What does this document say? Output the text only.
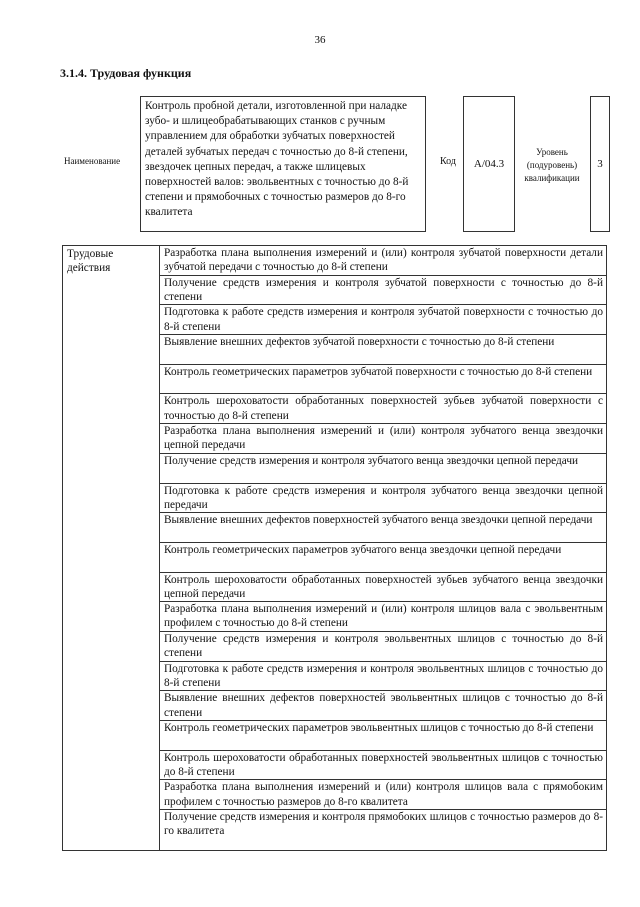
36
3.1.4. Трудовая функция
Наименование
Контроль пробной детали, изготовленной при наладке зубо- и шлицеобрабатывающих станков с ручным управлением для обработки зубчатых поверхностей деталей зубчатых передач с точностью до 8-й степени, звездочек цепных передач, а также шлицевых поверхностей валов: эвольвентных с точностью до 8-й степени и прямобочных с точностью размеров до 8-го квалитета
Код	A/04.3
Уровень (подуровень) квалификации
3
Трудовые действия
Разработка плана выполнения измерений и (или) контроля зубчатой поверхности детали зубчатой передачи с точностью до 8-й степени
Получение средств измерения и контроля зубчатой поверхности с точностью до 8-й степени
Подготовка к работе средств измерения и контроля зубчатой поверхности с точностью до 8-й степени
Выявление внешних дефектов зубчатой поверхности с точностью до 8-й степени
Контроль геометрических параметров зубчатой поверхности с точностью до 8-й степени
Контроль шероховатости обработанных поверхностей зубьев зубчатой поверхности с точностью до 8-й степени
Разработка плана выполнения измерений и (или) контроля зубчатого венца звездочки цепной передачи
Получение средств измерения и контроля зубчатого венца звездочки цепной передачи
Подготовка к работе средств измерения и контроля зубчатого венца звездочки цепной передачи
Выявление внешних дефектов поверхностей зубчатого венца звездочки цепной передачи
Контроль геометрических параметров зубчатого венца звездочки цепной передачи
Контроль шероховатости обработанных поверхностей зубьев зубчатого венца звездочки цепной передачи
Разработка плана выполнения измерений и (или) контроля шлицов вала с эвольвентным профилем с точностью до 8-й степени
Получение средств измерения и контроля эвольвентных шлицов с точностью до 8-й степени
Подготовка к работе средств измерения и контроля эвольвентных шлицов с точностью до 8-й степени
Выявление внешних дефектов поверхностей эвольвентных шлицов с точностью до 8-й степени
Контроль геометрических параметров эвольвентных шлицов с точностью до 8-й степени
Контроль шероховатости обработанных поверхностей эвольвентных шлицов с точностью до 8-й степени
Разработка плана выполнения измерений и (или) контроля шлицов вала с прямобоким профилем с точностью размеров до 8-го квалитета
Получение средств измерения и контроля прямобоких шлицов с точностью размеров до 8-го квалитета
